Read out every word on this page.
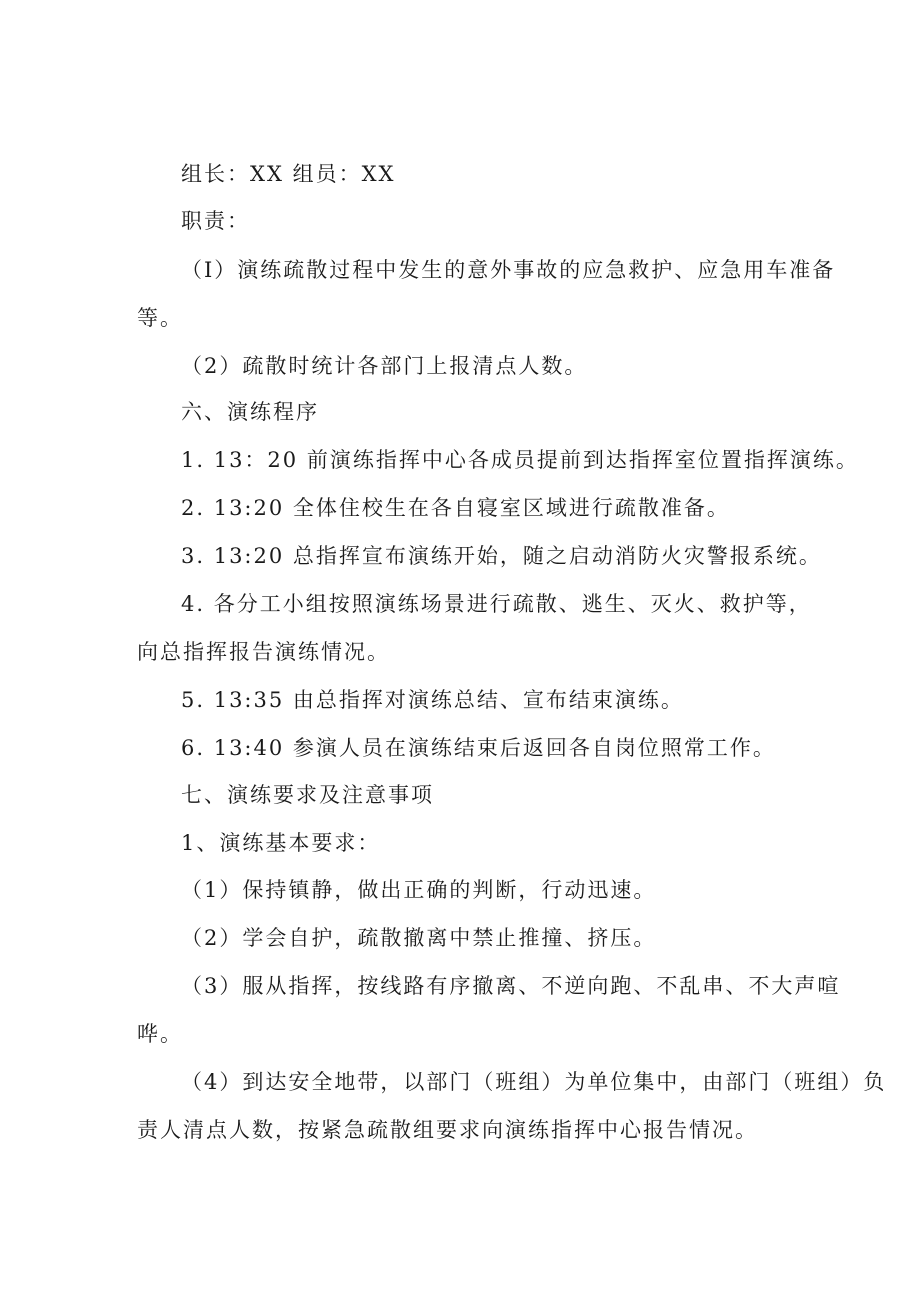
组长：XX 组员：XX
职责：
（I）演练疏散过程中发生的意外事故的应急救护、应急用车准备
等。
（2）疏散时统计各部门上报清点人数。
六、演练程序
1. 13：20 前演练指挥中心各成员提前到达指挥室位置指挥演练。
2. 13:20 全体住校生在各自寝室区域进行疏散准备。
3. 13:20 总指挥宣布演练开始，随之启动消防火灾警报系统。
4. 各分工小组按照演练场景进行疏散、逃生、灭火、救护等，
向总指挥报告演练情况。
5. 13:35 由总指挥对演练总结、宣布结束演练。
6. 13:40 参演人员在演练结束后返回各自岗位照常工作。
七、演练要求及注意事项
1、演练基本要求：
（1）保持镇静，做出正确的判断，行动迅速。
（2）学会自护，疏散撤离中禁止推撞、挤压。
（3）服从指挥，按线路有序撤离、不逆向跑、不乱串、不大声喧
哗。
（4）到达安全地带，以部门（班组）为单位集中，由部门（班组）负
责人清点人数，按紧急疏散组要求向演练指挥中心报告情况。
